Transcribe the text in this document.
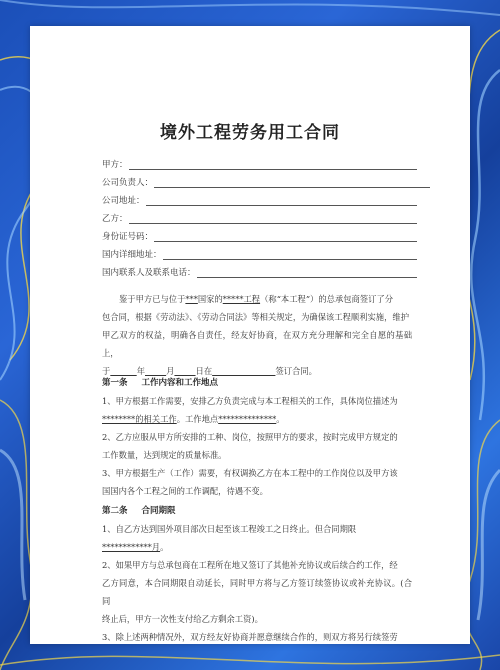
境外工程劳务用工合同
甲方：
公司负责人：
公司地址：
乙方：
身份证号码：
国内详细地址：
国内联系人及联系电话：

鉴于甲方已与位于***国家的*****工程（称“本工程”）的总承包商签订了分
包合同，根据《劳动法》、《劳动合同法》等相关规定，为确保该工程顺利实施，维护
甲乙双方的权益，明确各自责任，经友好协商，在双方充分理解和完全自愿的基础上，
于	年	月	日在	签订合同。

第一条 工作内容和工作地点

1、甲方根据工作需要，安排乙方负责完成与本工程相关的工作，具体岗位描述为
********的相关工作。工作地点**************。
2、乙方应服从甲方所安排的工种、岗位，按照甲方的要求，按时完成甲方规定的
工作数量，达到规定的质量标准。
3、甲方根据生产（工作）需要，有权调换乙方在本工程中的工作岗位以及甲方该
国国内各个工程之间的工作调配，待遇不变。

第二条 合同期限

1、自乙方达到国外项目部次日起至该工程竣工之日终止。但合同期限
************月。
2、如果甲方与总承包商在工程所在地又签订了其他补充协议或后续合约工作，经
乙方同意，本合同期限自动延长，同时甲方将与乙方签订续签协议或补充协议。(合同
终止后，甲方一次性支付给乙方剩余工资)。
3、除上述两种情况外，双方经友好协商并愿意继续合作的，则双方将另行续签劳
